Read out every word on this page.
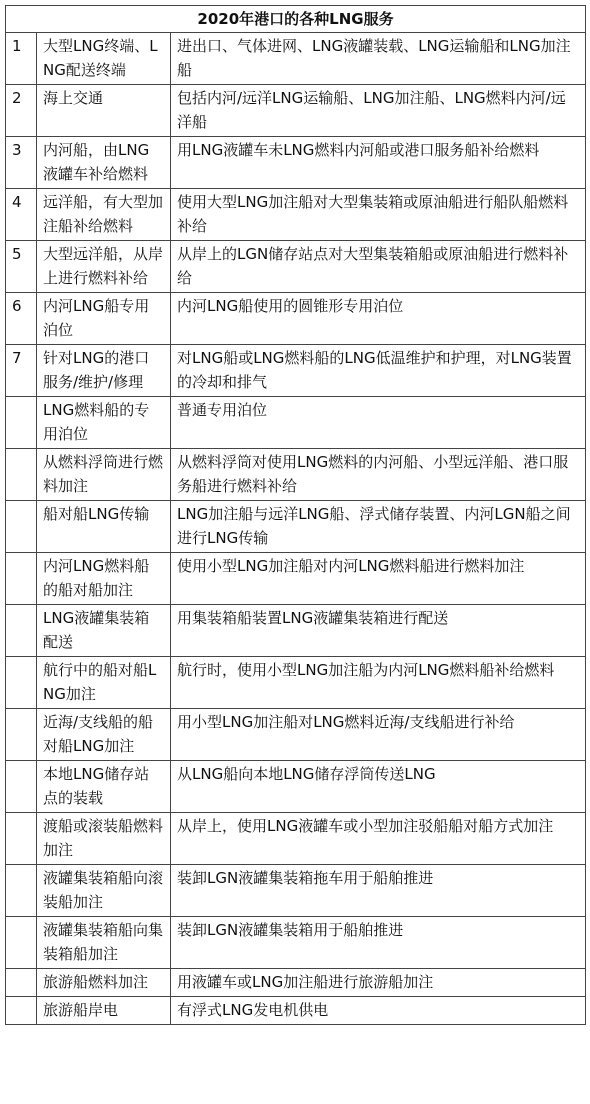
2020年港口的各种LNG服务		
1	大型LNG终端、LNG配送终端	进出口、气体进网、LNG液罐装载、LNG运输船和LNG加注船
2	海上交通	包括内河/远洋LNG运输船、LNG加注船、LNG燃料内河/远洋船
3	内河船，由LNG液罐车补给燃料	用LNG液罐车未LNG燃料内河船或港口服务船补给燃料
4	远洋船，有大型加注船补给燃料	使用大型LNG加注船对大型集装箱或原油船进行船队船燃料补给
5	大型远洋船，从岸上进行燃料补给	从岸上的LGN储存站点对大型集装箱船或原油船进行燃料补给
6	内河LNG船专用泊位	内河LNG船使用的圆锥形专用泊位
7	针对LNG的港口服务/维护/修理	对LNG船或LNG燃料船的LNG低温维护和护理，对LNG装置的冷却和排气
	LNG燃料船的专用泊位	普通专用泊位
	从燃料浮筒进行燃料加注	从燃料浮筒对使用LNG燃料的内河船、小型远洋船、港口服务船进行燃料补给
	船对船LNG传输	LNG加注船与远洋LNG船、浮式储存装置、内河LGN船之间进行LNG传输
	内河LNG燃料船的船对船加注	使用小型LNG加注船对内河LNG燃料船进行燃料加注
	LNG液罐集装箱配送	用集装箱船装置LNG液罐集装箱进行配送
	航行中的船对船LNG加注	航行时，使用小型LNG加注船为内河LNG燃料船补给燃料
	近海/支线船的船对船LNG加注	用小型LNG加注船对LNG燃料近海/支线船进行补给
	本地LNG储存站点的装载	从LNG船向本地LNG储存浮筒传送LNG
	渡船或滚装船燃料加注	从岸上，使用LNG液罐车或小型加注驳船船对船方式加注
	液罐集装箱船向滚装船加注	装卸LGN液罐集装箱拖车用于船舶推进
	液罐集装箱船向集装箱船加注	装卸LGN液罐集装箱用于船舶推进
	旅游船燃料加注	用液罐车或LNG加注船进行旅游船加注
	旅游船岸电	有浮式LNG发电机供电
